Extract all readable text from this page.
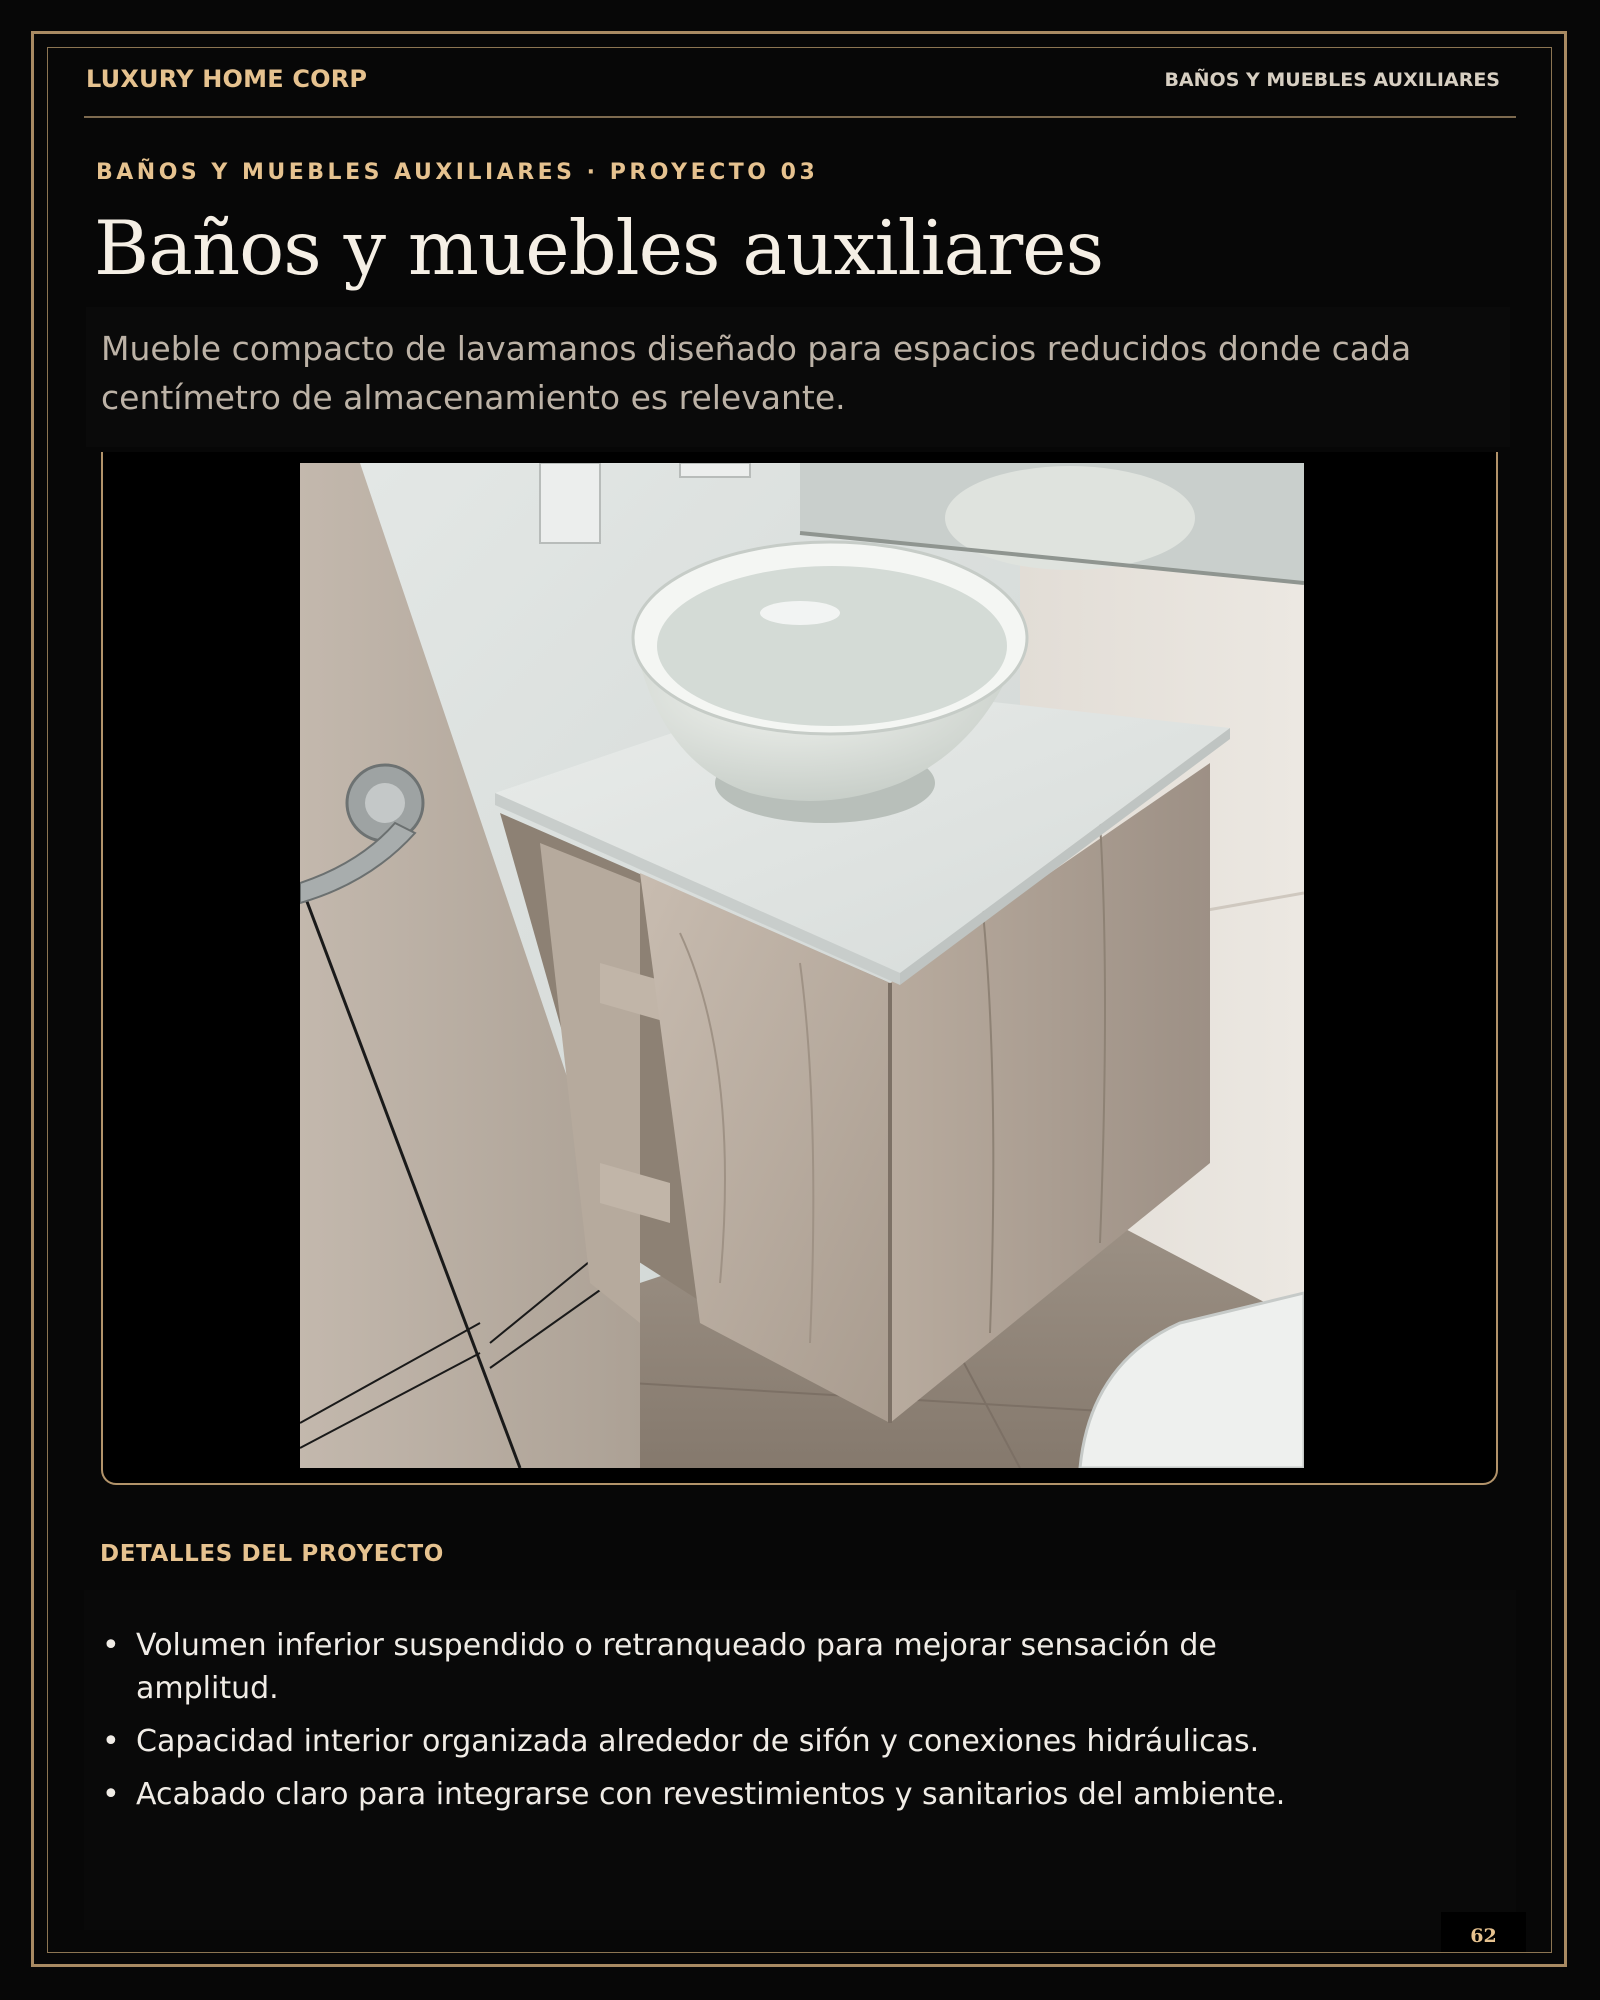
LUXURY HOME CORP	BAÑOS Y MUEBLES AUXILIARES
BAÑOS Y MUEBLES AUXILIARES · PROYECTO 03
Baños y muebles auxiliares
Mueble compacto de lavamanos diseñado para espacios reducidos donde cada centímetro de almacenamiento es relevante.
DETALLES DEL PROYECTO
• Volumen inferior suspendido o retranqueado para mejorar sensación de amplitud.
• Capacidad interior organizada alrededor de sifón y conexiones hidráulicas.
• Acabado claro para integrarse con revestimientos y sanitarios del ambiente.
62
